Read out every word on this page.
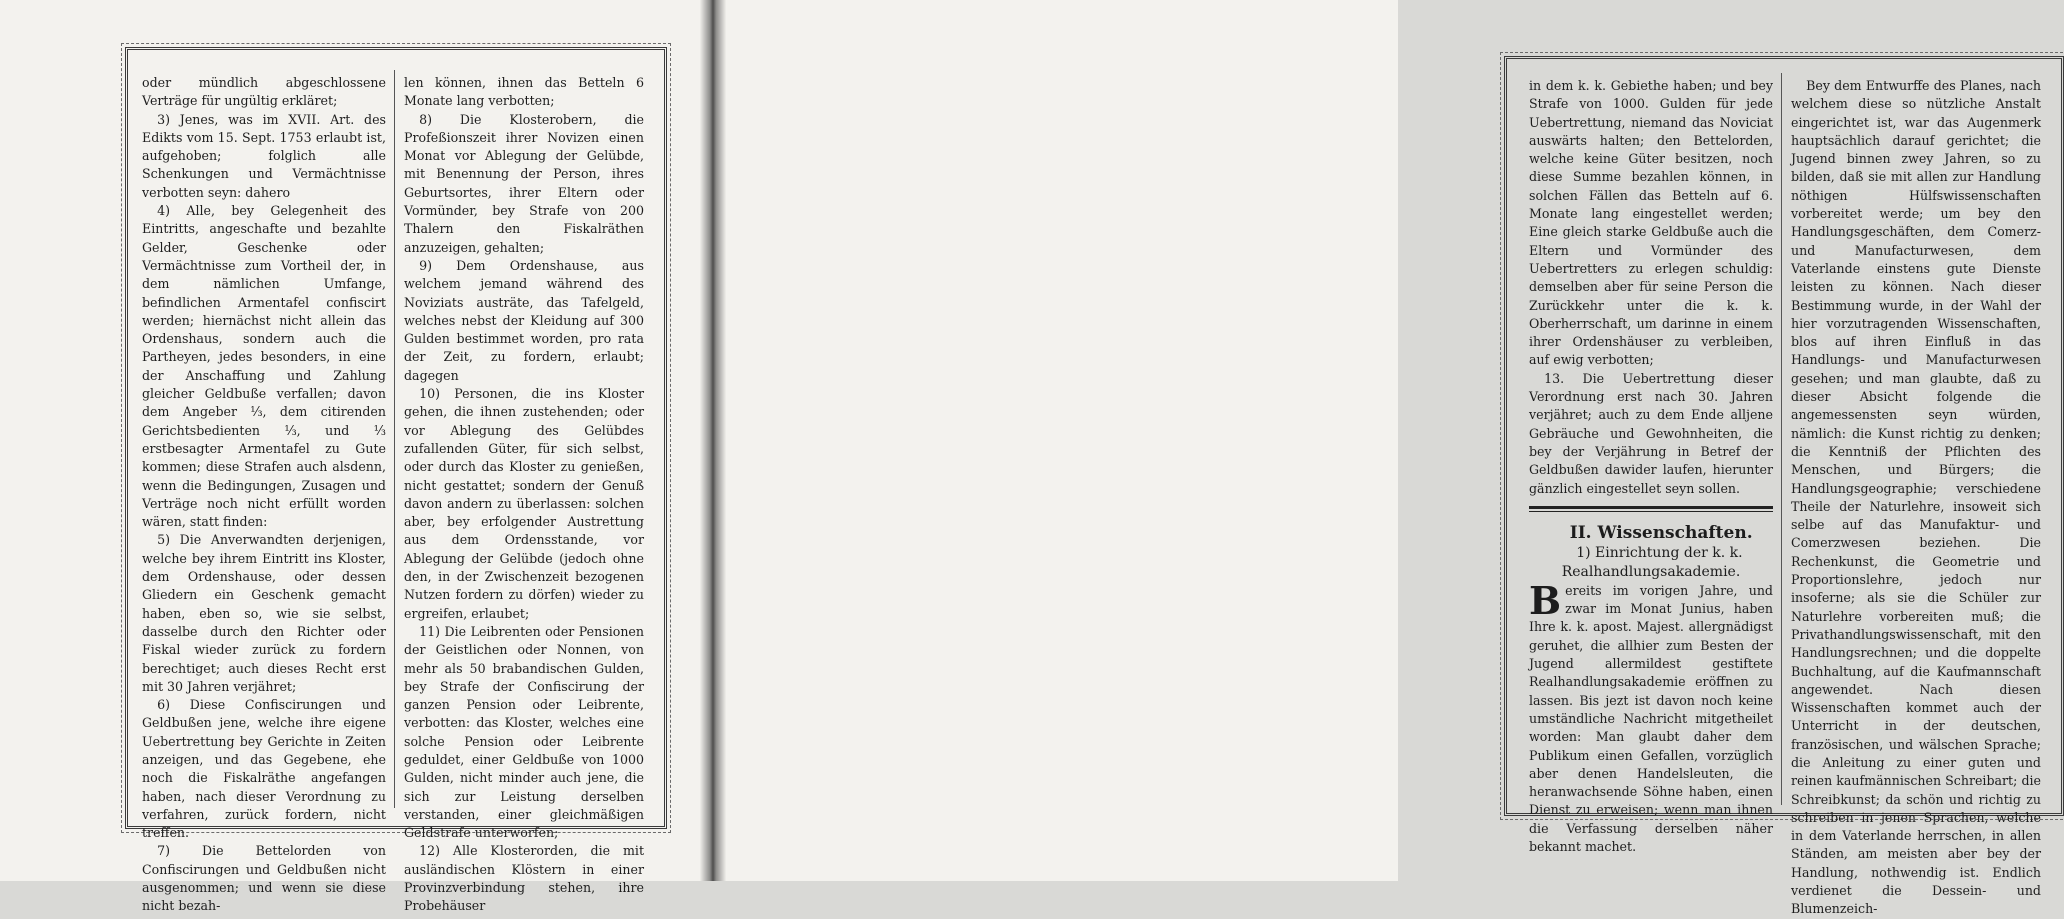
oder mündlich abgeschlossene Verträge für ungültig erkläret;

3) Jenes, was im XVII. Art. des Edikts vom 15. Sept. 1753 erlaubt ist, aufgehoben; folglich alle Schenkungen und Vermächtnisse verbotten seyn: dahero

4) Alle, bey Gelegenheit des Eintritts, angeschafte und bezahlte Gelder, Geschenke oder Vermächtnisse zum Vortheil der, in dem nämlichen Umfange, befindlichen Armentafel confiscirt werden; hiernächst nicht allein das Ordenshaus, sondern auch die Partheyen, jedes besonders, in eine der Anschaffung und Zahlung gleicher Geldbuße verfallen; davon dem Angeber ⅓, dem citirenden Gerichtsbedienten ⅓, und ⅓ erstbesagter Armentafel zu Gute kommen; diese Strafen auch alsdenn, wenn die Bedingungen, Zusagen und Verträge noch nicht erfüllt worden wären, statt finden:

5) Die Anverwandten derjenigen, welche bey ihrem Eintritt ins Kloster, dem Ordenshause, oder dessen Gliedern ein Geschenk gemacht haben, eben so, wie sie selbst, dasselbe durch den Richter oder Fiskal wieder zurück zu fordern berechtiget; auch dieses Recht erst mit 30 Jahren verjähret;

6) Diese Confiscirungen und Geldbußen jene, welche ihre eigene Uebertrettung bey Gerichte in Zeiten anzeigen, und das Gegebene, ehe noch die Fiskalräthe angefangen haben, nach dieser Verordnung zu verfahren, zurück fordern, nicht treffen.

7) Die Bettelorden von Confiscirungen und Geldbußen nicht ausgenommen; und wenn sie diese nicht bezah-

len können, ihnen das Betteln 6 Monate lang verbotten;

8) Die Klosterobern, die Profeßionszeit ihrer Novizen einen Monat vor Ablegung der Gelübde, mit Benennung der Person, ihres Geburtsortes, ihrer Eltern oder Vormünder, bey Strafe von 200 Thalern den Fiskalräthen anzuzeigen, gehalten;

9) Dem Ordenshause, aus welchem jemand während des Noviziats austräte, das Tafelgeld, welches nebst der Kleidung auf 300 Gulden bestimmet worden, pro rata der Zeit, zu fordern, erlaubt; dagegen

10) Personen, die ins Kloster gehen, die ihnen zustehenden; oder vor Ablegung des Gelübdes zufallenden Güter, für sich selbst, oder durch das Kloster zu genießen, nicht gestattet; sondern der Genuß davon andern zu überlassen: solchen aber, bey erfolgender Austrettung aus dem Ordensstande, vor Ablegung der Gelübde (jedoch ohne den, in der Zwischenzeit bezogenen Nutzen fordern zu dörfen) wieder zu ergreifen, erlaubet;

11) Die Leibrenten oder Pensionen der Geistlichen oder Nonnen, von mehr als 50 brabandischen Gulden, bey Strafe der Confiscirung der ganzen Pension oder Leibrente, verbotten: das Kloster, welches eine solche Pension oder Leibrente geduldet, einer Geldbuße von 1000 Gulden, nicht minder auch jene, die sich zur Leistung derselben verstanden, einer gleichmäßigen Geldstrafe unterworfen;

12) Alle Klosterorden, die mit ausländischen Klöstern in einer Provinzverbindung stehen, ihre Probehäuser

in dem k. k. Gebiethe haben; und bey Strafe von 1000. Gulden für jede Uebertrettung, niemand das Noviciat auswärts halten; den Bettelorden, welche keine Güter besitzen, noch diese Summe bezahlen können, in solchen Fällen das Betteln auf 6. Monate lang eingestellet werden; Eine gleich starke Geldbuße auch die Eltern und Vormünder des Uebertretters zu erlegen schuldig: demselben aber für seine Person die Zurückkehr unter die k. k. Oberherrschaft, um darinne in einem ihrer Ordenshäuser zu verbleiben, auf ewig verbotten;

13. Die Uebertrettung dieser Verordnung erst nach 30. Jahren verjähret; auch zu dem Ende alljene Gebräuche und Gewohnheiten, die bey der Verjährung in Betref der Geldbußen dawider laufen, hierunter gänzlich eingestellet seyn sollen.

II. Wissenschaften.

1) Einrichtung der k. k. Realhandlungsakademie.

Bereits im vorigen Jahre, und zwar im Monat Junius, haben Ihre k. k. apost. Majest. allergnädigst geruhet, die allhier zum Besten der Jugend allermildest gestiftete Realhandlungsakademie eröffnen zu lassen. Bis jezt ist davon noch keine umständliche Nachricht mitgetheilet worden: Man glaubt daher dem Publikum einen Gefallen, vorzüglich aber denen Handelsleuten, die heranwachsende Söhne haben, einen Dienst zu erweisen; wenn man ihnen die Verfassung derselben näher bekannt machet.

Bey dem Entwurffe des Planes, nach welchem diese so nützliche Anstalt eingerichtet ist, war das Augenmerk hauptsächlich darauf gerichtet; die Jugend binnen zwey Jahren, so zu bilden, daß sie mit allen zur Handlung nöthigen Hülfswissenschaften vorbereitet werde; um bey den Handlungsgeschäften, dem Comerz- und Manufacturwesen, dem Vaterlande einstens gute Dienste leisten zu können. Nach dieser Bestimmung wurde, in der Wahl der hier vorzutragenden Wissenschaften, blos auf ihren Einfluß in das Handlungs- und Manufacturwesen gesehen; und man glaubte, daß zu dieser Absicht folgende die angemessensten seyn würden, nämlich: die Kunst richtig zu denken; die Kenntniß der Pflichten des Menschen, und Bürgers; die Handlungsgeographie; verschiedene Theile der Naturlehre, insoweit sich selbe auf das Manufaktur- und Comerzwesen beziehen. Die Rechenkunst, die Geometrie und Proportionslehre, jedoch nur insoferne; als sie die Schüler zur Naturlehre vorbereiten muß; die Privathandlungswissenschaft, mit den Handlungsrechnen; und die doppelte Buchhaltung, auf die Kaufmannschaft angewendet. Nach diesen Wissenschaften kommet auch der Unterricht in der deutschen, französischen, und wälschen Sprache; die Anleitung zu einer guten und reinen kaufmännischen Schreibart; die Schreibkunst; da schön und richtig zu schreiben in jenen Sprachen, welche in dem Vaterlande herrschen, in allen Ständen, am meisten aber bey der Handlung, nothwendig ist. Endlich verdienet die Dessein- und Blumenzeich-
